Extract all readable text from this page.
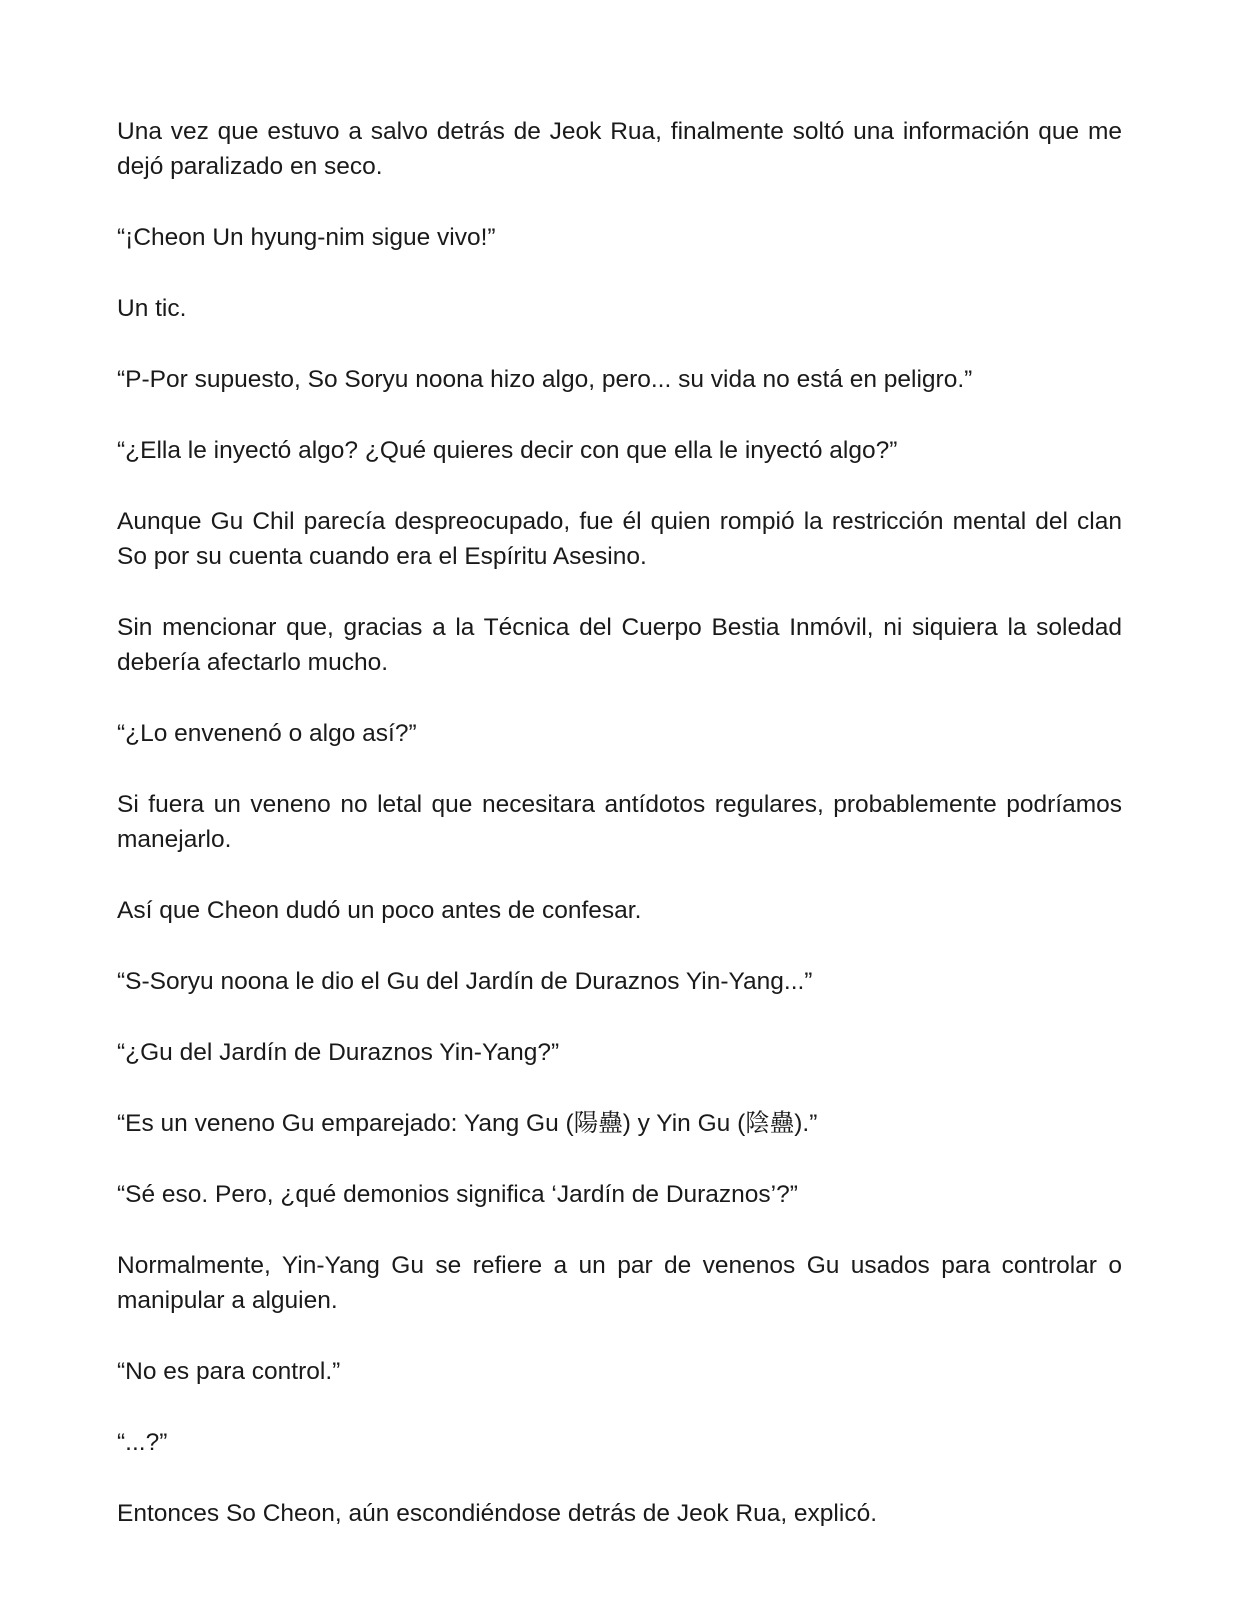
Una vez que estuvo a salvo detrás de Jeok Rua, finalmente soltó una información que me dejó paralizado en seco.

“¡Cheon Un hyung-nim sigue vivo!”

Un tic.

“P-Por supuesto, So Soryu noona hizo algo, pero... su vida no está en peligro.”

“¿Ella le inyectó algo? ¿Qué quieres decir con que ella le inyectó algo?”

Aunque Gu Chil parecía despreocupado, fue él quien rompió la restricción mental del clan So por su cuenta cuando era el Espíritu Asesino.

Sin mencionar que, gracias a la Técnica del Cuerpo Bestia Inmóvil, ni siquiera la soledad debería afectarlo mucho.

“¿Lo envenenó o algo así?”

Si fuera un veneno no letal que necesitara antídotos regulares, probablemente podríamos manejarlo.

Así que Cheon dudó un poco antes de confesar.

“S-Soryu noona le dio el Gu del Jardín de Duraznos Yin-Yang...”

“¿Gu del Jardín de Duraznos Yin-Yang?”

“Es un veneno Gu emparejado: Yang Gu (陽蠱) y Yin Gu (陰蠱).”

“Sé eso. Pero, ¿qué demonios significa ‘Jardín de Duraznos’?”

Normalmente, Yin-Yang Gu se refiere a un par de venenos Gu usados para controlar o manipular a alguien.

“No es para control.”

“...?”

Entonces So Cheon, aún escondiéndose detrás de Jeok Rua, explicó.
